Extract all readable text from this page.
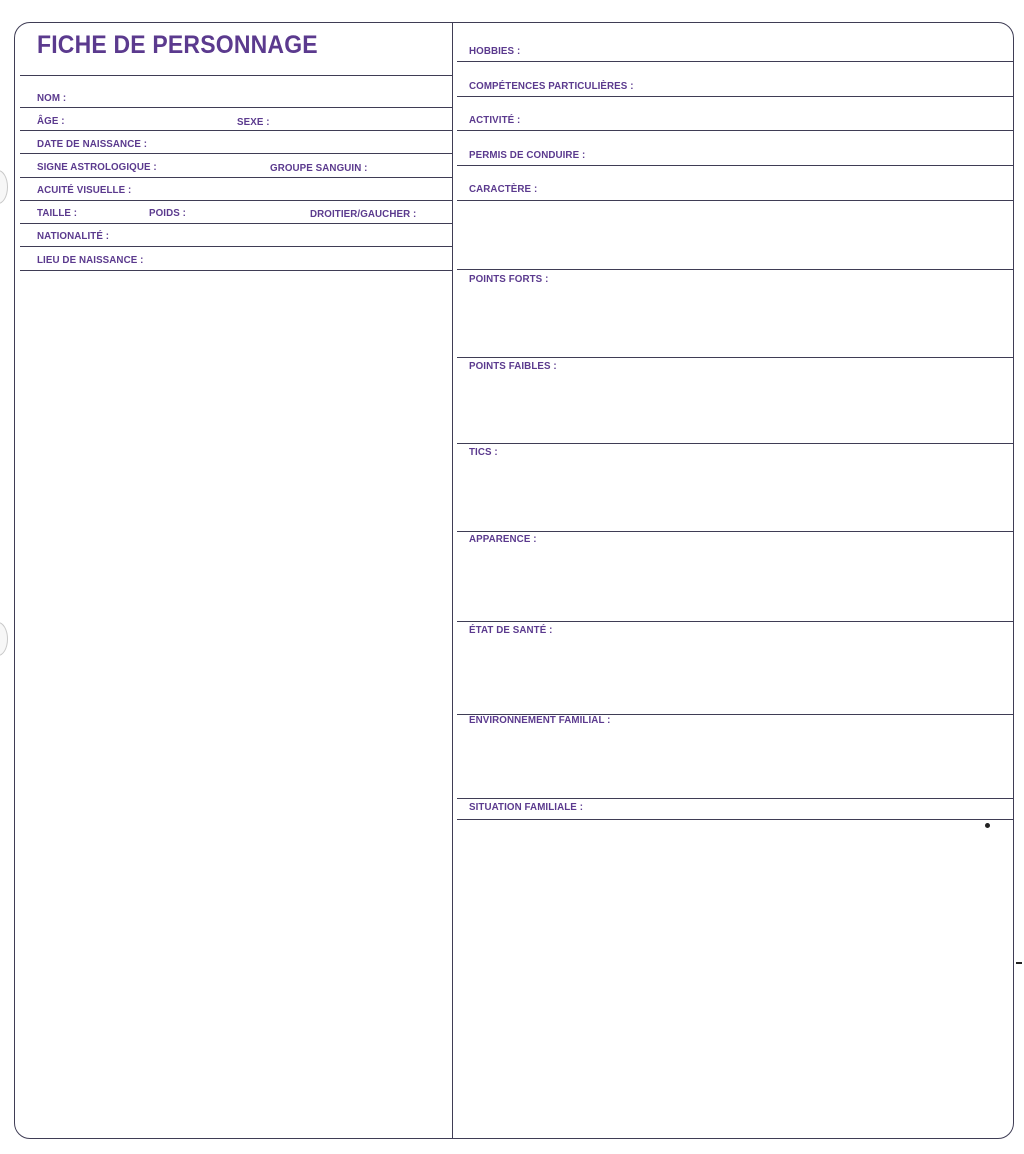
FICHE DE PERSONNAGE
NOM :
ÂGE :	SEXE :
DATE DE NAISSANCE :
SIGNE ASTROLOGIQUE :	GROUPE SANGUIN :
ACUITÉ VISUELLE :
TAILLE :	POIDS :	DROITIER/GAUCHER :
NATIONALITÉ :
LIEU DE NAISSANCE :
HOBBIES :
COMPÉTENCES PARTICULIÈRES :
ACTIVITÉ :
PERMIS DE CONDUIRE :
CARACTÈRE :
POINTS FORTS :
POINTS FAIBLES :
TICS :
APPARENCE :
ÉTAT DE SANTÉ :
ENVIRONNEMENT FAMILIAL :
SITUATION FAMILIALE :
